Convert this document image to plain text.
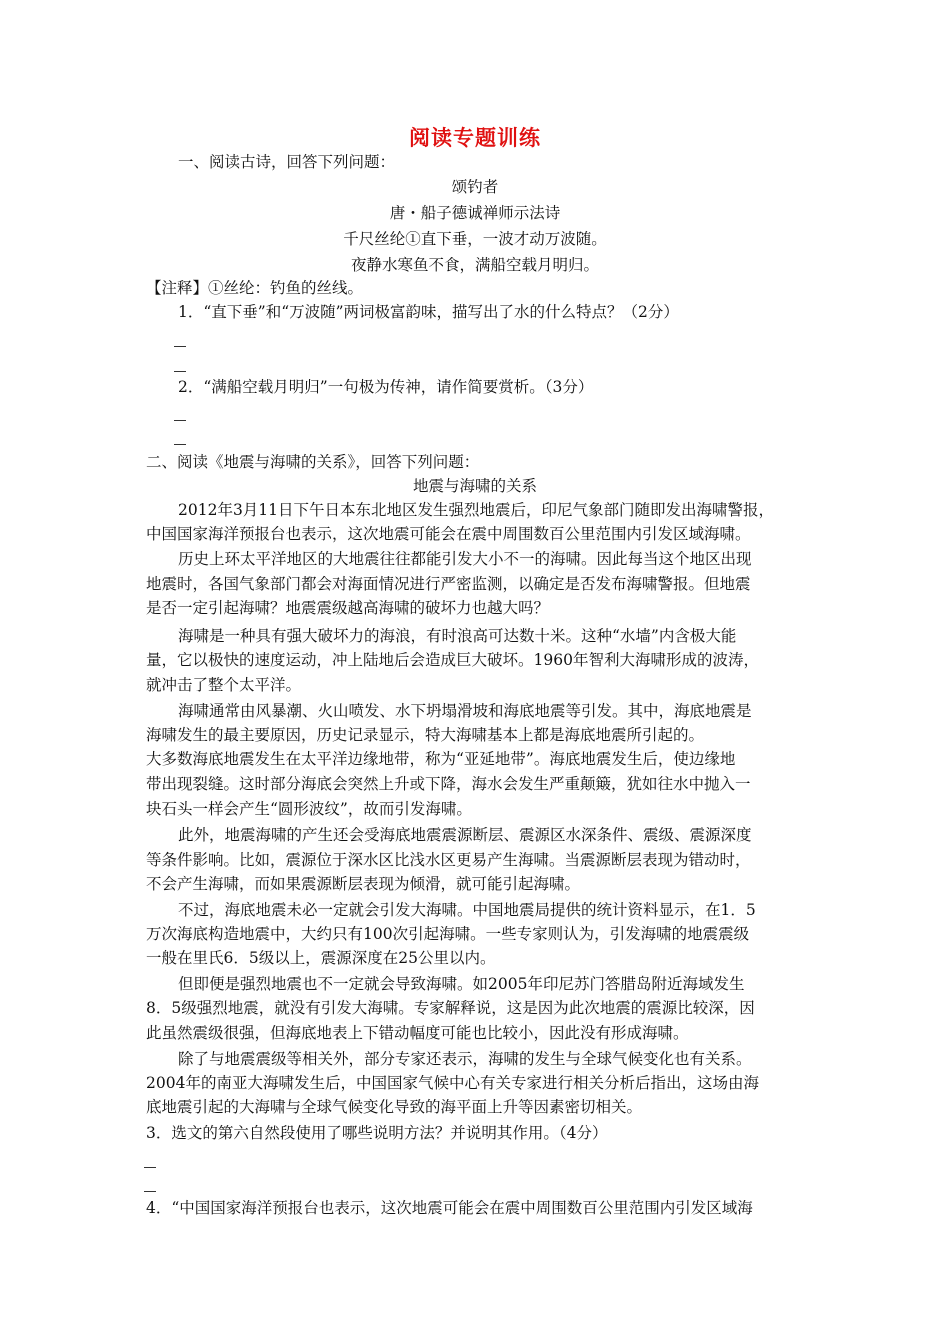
阅读专题训练
一、阅读古诗，回答下列问题：
颂钓者
唐・船子德诚禅师示法诗
千尺丝纶①直下垂，一波才动万波随。
夜静水寒鱼不食，满船空载月明归。
【注释】①丝纶：钓鱼的丝线。
1．“直下垂”和“万波随”两词极富韵味，描写出了水的什么特点？（2分）
2．“满船空载月明归”一句极为传神，请作简要赏析。（3分）
二、阅读《地震与海啸的关系》，回答下列问题：
地震与海啸的关系
2012年3月11日下午日本东北地区发生强烈地震后，印尼气象部门随即发出海啸警报，
中国国家海洋预报台也表示，这次地震可能会在震中周围数百公里范围内引发区域海啸。
历史上环太平洋地区的大地震往往都能引发大小不一的海啸。因此每当这个地区出现
地震时，各国气象部门都会对海面情况进行严密监测，以确定是否发布海啸警报。但地震
是否一定引起海啸？地震震级越高海啸的破坏力也越大吗？
海啸是一种具有强大破坏力的海浪，有时浪高可达数十米。这种“水墙”内含极大能
量，它以极快的速度运动，冲上陆地后会造成巨大破坏。1960年智利大海啸形成的波涛，
就冲击了整个太平洋。
海啸通常由风暴潮、火山喷发、水下坍塌滑坡和海底地震等引发。其中，海底地震是
海啸发生的最主要原因，历史记录显示，特大海啸基本上都是海底地震所引起的。
大多数海底地震发生在太平洋边缘地带，称为“亚延地带”。海底地震发生后，使边缘地
带出现裂缝。这时部分海底会突然上升或下降，海水会发生严重颠簸，犹如往水中抛入一
块石头一样会产生“圆形波纹”，故而引发海啸。
此外，地震海啸的产生还会受海底地震震源断层、震源区水深条件、震级、震源深度
等条件影响。比如，震源位于深水区比浅水区更易产生海啸。当震源断层表现为错动时，
不会产生海啸，而如果震源断层表现为倾滑，就可能引起海啸。
不过，海底地震未必一定就会引发大海啸。中国地震局提供的统计资料显示，在1．5
万次海底构造地震中，大约只有100次引起海啸。一些专家则认为，引发海啸的地震震级
一般在里氏6．5级以上，震源深度在25公里以内。
但即便是强烈地震也不一定就会导致海啸。如2005年印尼苏门答腊岛附近海域发生
8．5级强烈地震，就没有引发大海啸。专家解释说，这是因为此次地震的震源比较深，因
此虽然震级很强，但海底地表上下错动幅度可能也比较小，因此没有形成海啸。
除了与地震震级等相关外，部分专家还表示，海啸的发生与全球气候变化也有关系。
2004年的南亚大海啸发生后，中国国家气候中心有关专家进行相关分析后指出，这场由海
底地震引起的大海啸与全球气候变化导致的海平面上升等因素密切相关。
3．选文的第六自然段使用了哪些说明方法？并说明其作用。（4分）
4．“中国国家海洋预报台也表示，这次地震可能会在震中周围数百公里范围内引发区域海
